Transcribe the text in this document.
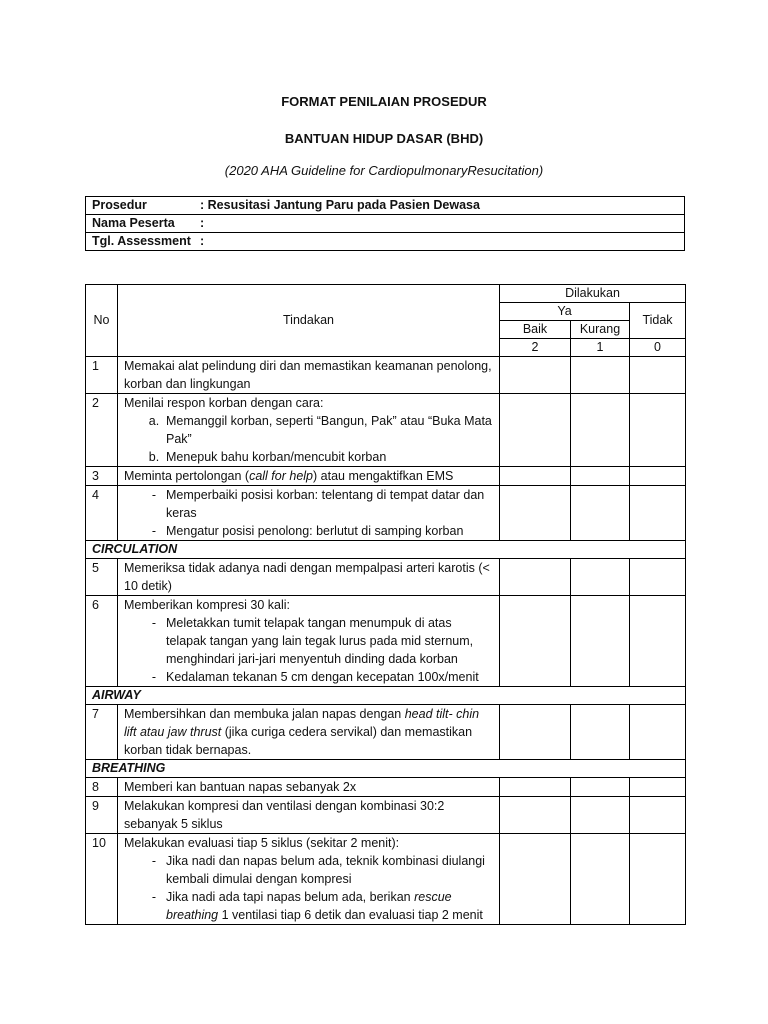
FORMAT PENILAIAN PROSEDUR
BANTUAN HIDUP DASAR (BHD)
(2020 AHA Guideline for CardiopulmonaryResucitation)
Prosedur	: Resusitasi Jantung Paru pada Pasien Dewasa
Nama Peserta :
Tgl. Assessment :
No	Tindakan	Dilakukan		
		Ya		Tidak
		Baik	Kurang	
		2	1	0
1	Memakai alat pelindung diri dan memastikan keamanan penolong, korban dan lingkungan			
2	Menilai respon korban dengan cara:
a. Memanggil korban, seperti “Bangun, Pak” atau “Buka Mata Pak”
b. Menepuk bahu korban/mencubit korban			

3	Meminta pertolongan (call for help) atau mengaktifkan EMS			
4	- Memperbaiki posisi korban: telentang di tempat datar dan keras
- Mengatur posisi penolong: berlutut di samping korban			

CIRCULATION				
5	Memeriksa tidak adanya nadi dengan mempalpasi arteri karotis (< 10 detik)			
6	Memberikan kompresi 30 kali:
- Meletakkan tumit telapak tangan menumpuk di atas telapak tangan yang lain tegak lurus pada mid sternum, menghindari jari-jari menyentuh dinding dada korban
- Kedalaman tekanan 5 cm dengan kecepatan 100x/menit			

AIRWAY				
7	Membersihkan dan membuka jalan napas dengan head tilt- chin lift atau jaw thrust (jika curiga cedera servikal) dan memastikan korban tidak bernapas.			
BREATHING				
8	Memberi kan bantuan napas sebanyak 2x			
9	Melakukan kompresi dan ventilasi dengan kombinasi 30:2 sebanyak 5 siklus			
10	Melakukan evaluasi tiap 5 siklus (sekitar 2 menit):
- Jika nadi dan napas belum ada, teknik kombinasi diulangi kembali dimulai dengan kompresi
- Jika nadi ada tapi napas belum ada, berikan rescue breathing 1 ventilasi tiap 6 detik dan evaluasi tiap 2 menit			
